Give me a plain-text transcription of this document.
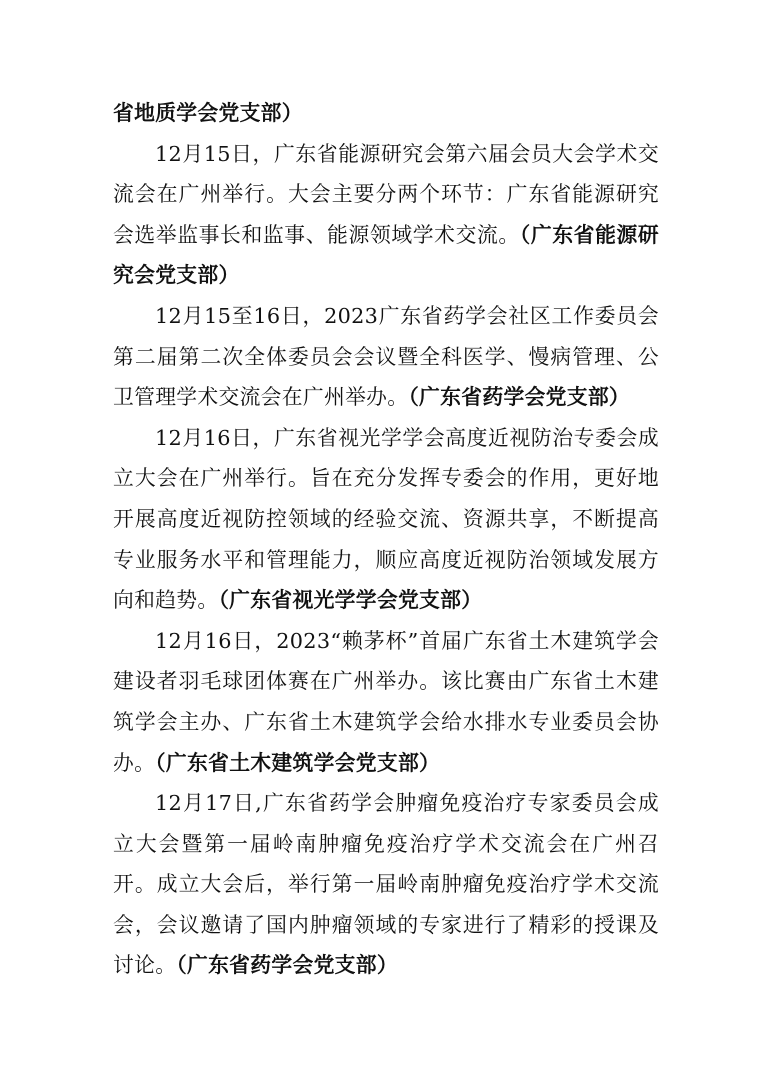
省地质学会党支部）

12月15日，广东省能源研究会第六届会员大会学术交流会在广州举行。大会主要分两个环节：广东省能源研究会选举监事长和监事、能源领域学术交流。（广东省能源研究会党支部）

12月15至16日，2023广东省药学会社区工作委员会第二届第二次全体委员会会议暨全科医学、慢病管理、公卫管理学术交流会在广州举办。（广东省药学会党支部）

12月16日，广东省视光学学会高度近视防治专委会成立大会在广州举行。旨在充分发挥专委会的作用，更好地开展高度近视防控领域的经验交流、资源共享，不断提高专业服务水平和管理能力，顺应高度近视防治领域发展方向和趋势。（广东省视光学学会党支部）

12月16日，2023“赖茅杯”首届广东省土木建筑学会建设者羽毛球团体赛在广州举办。该比赛由广东省土木建筑学会主办、广东省土木建筑学会给水排水专业委员会协办。（广东省土木建筑学会党支部）

12月17日,广东省药学会肿瘤免疫治疗专家委员会成立大会暨第一届岭南肿瘤免疫治疗学术交流会在广州召开。成立大会后，举行第一届岭南肿瘤免疫治疗学术交流会，会议邀请了国内肿瘤领域的专家进行了精彩的授课及讨论。（广东省药学会党支部）
